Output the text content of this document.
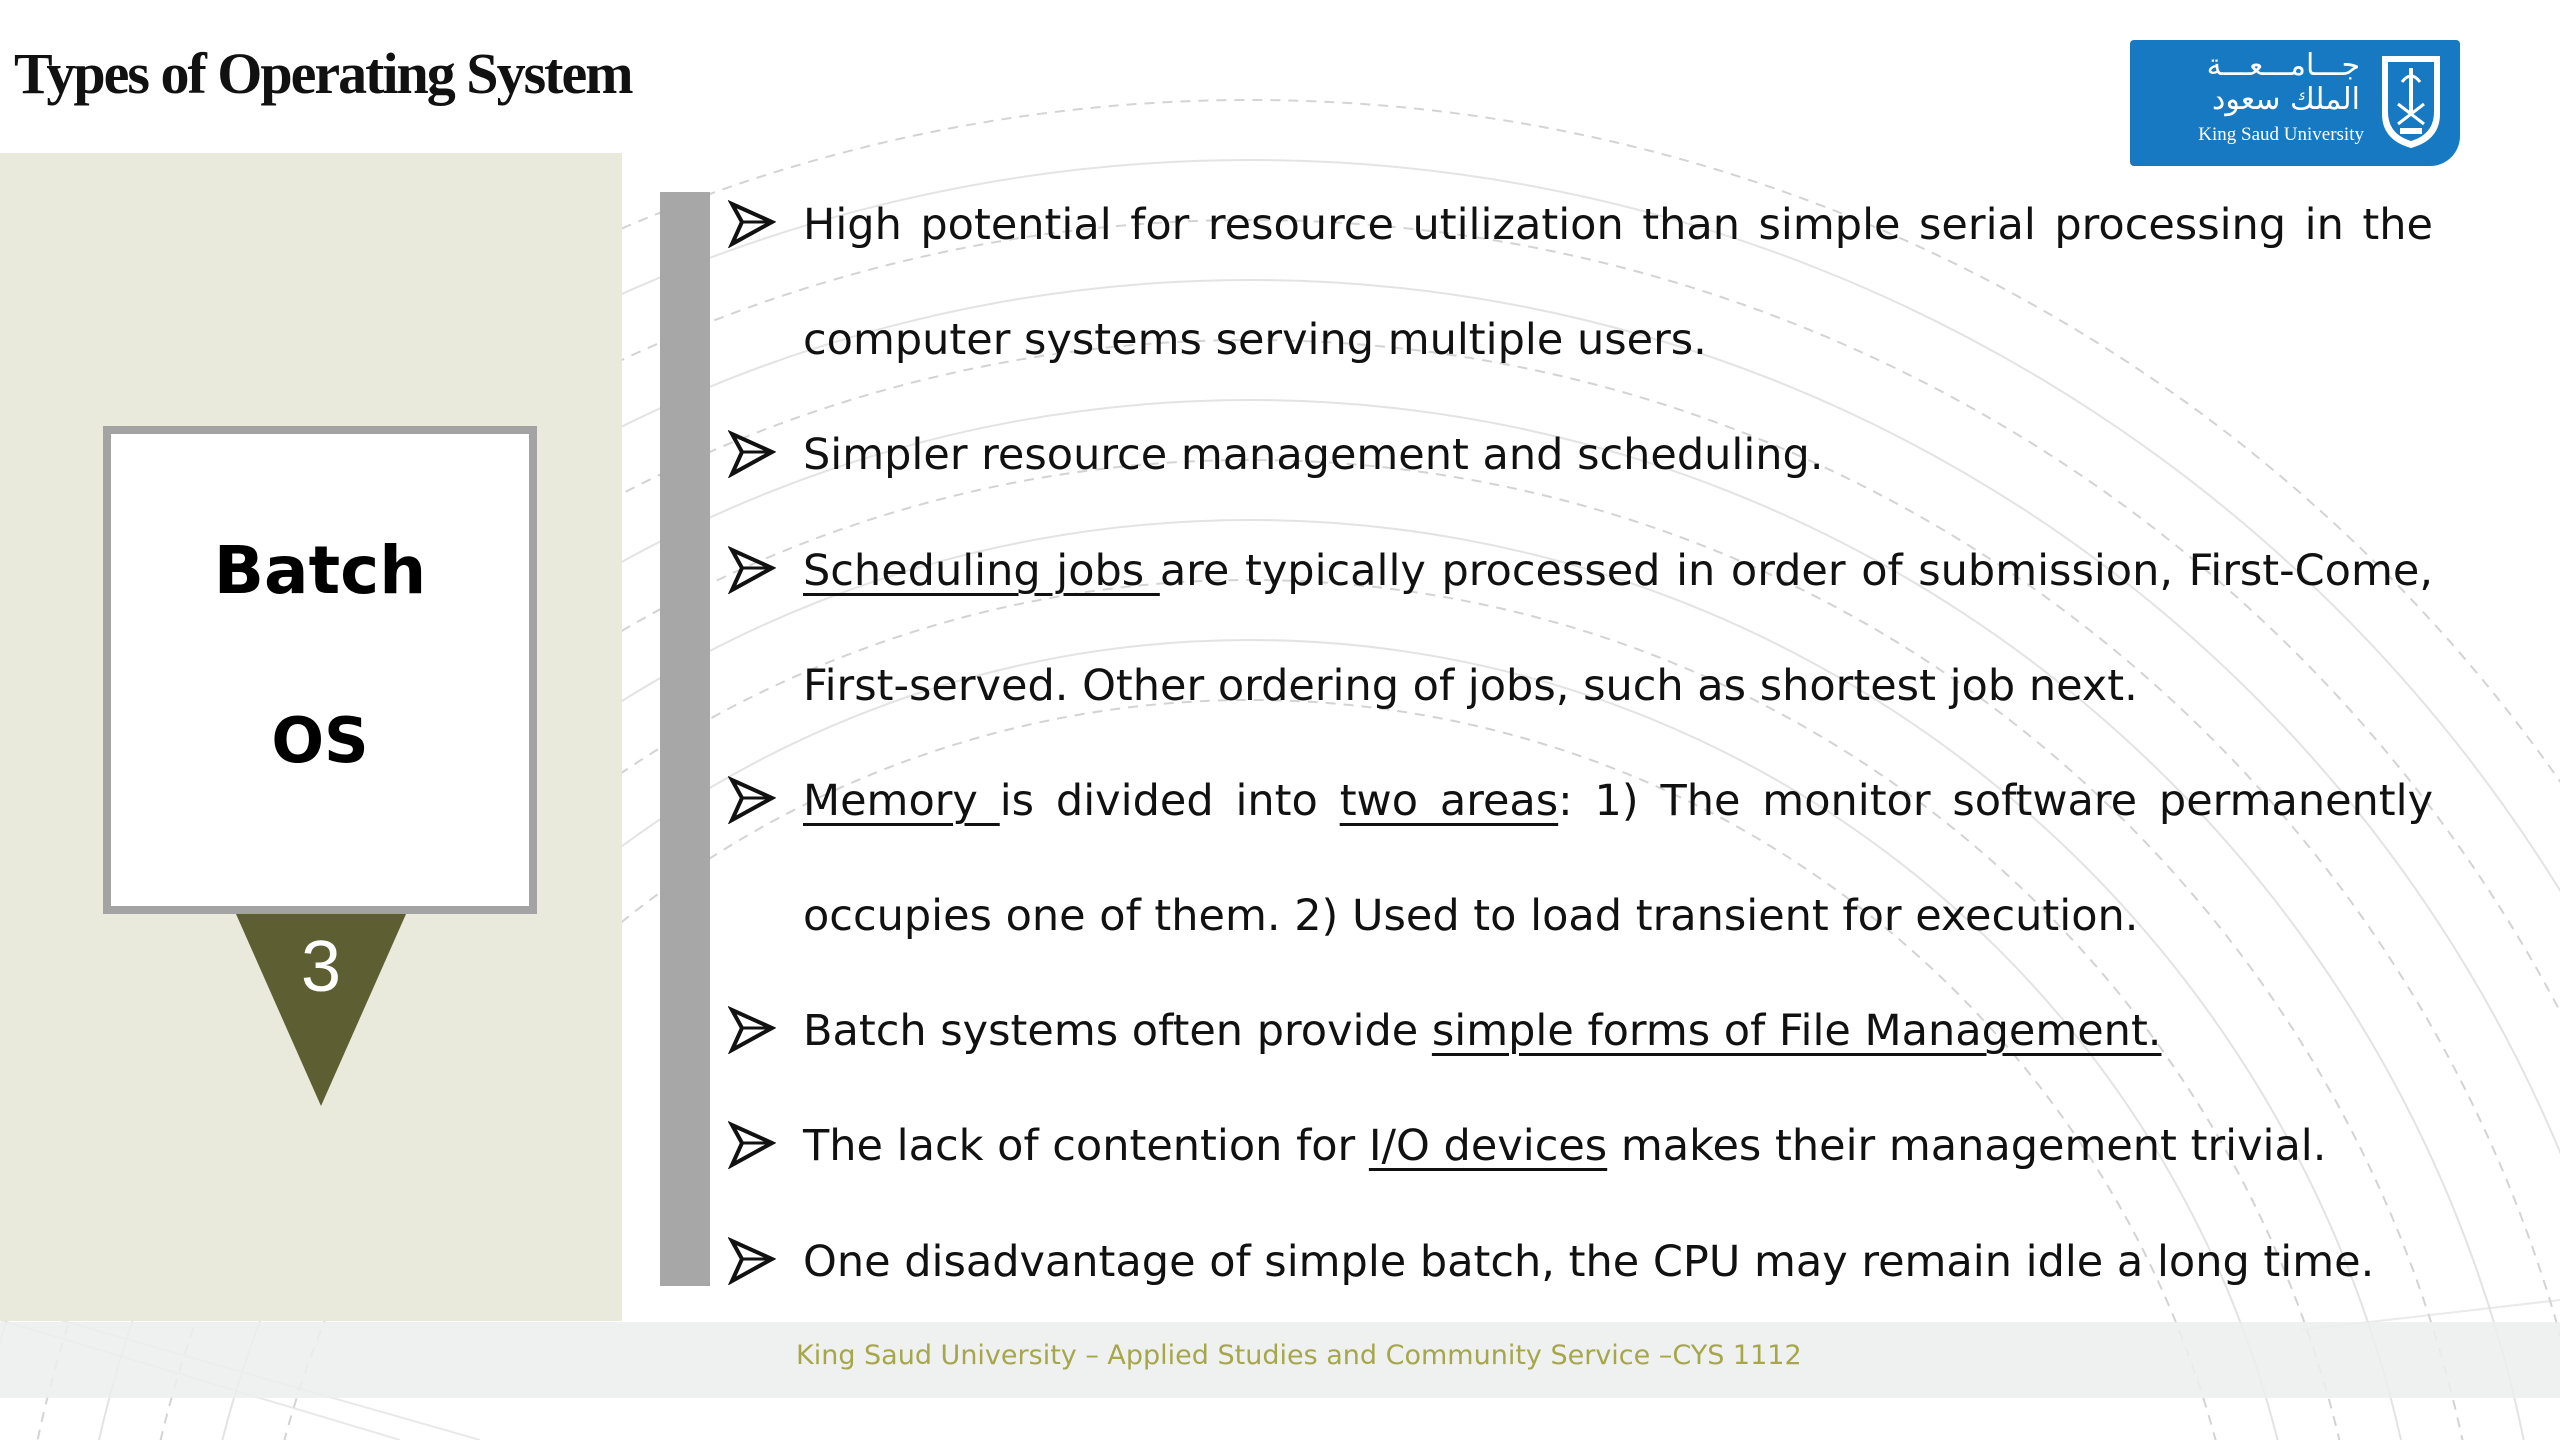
Types of Operating System	جـــامـــعـــة
الملك سعود
King Saud University
Batch
OS
3
High potential for resource utilization than simple serial processing in the computer systems serving multiple users.
Simpler resource management and scheduling.
Scheduling jobs are typically processed in order of submission, First-Come, First-served. Other ordering of jobs, such as shortest job next.
Memory is divided into two areas: 1) The monitor software permanently occupies one of them. 2) Used to load transient for execution.
Batch systems often provide simple forms of File Management.
The lack of contention for I/O devices makes their management trivial.
One disadvantage of simple batch, the CPU may remain idle a long time.
King Saud University – Applied Studies and Community Service –CYS 1112
